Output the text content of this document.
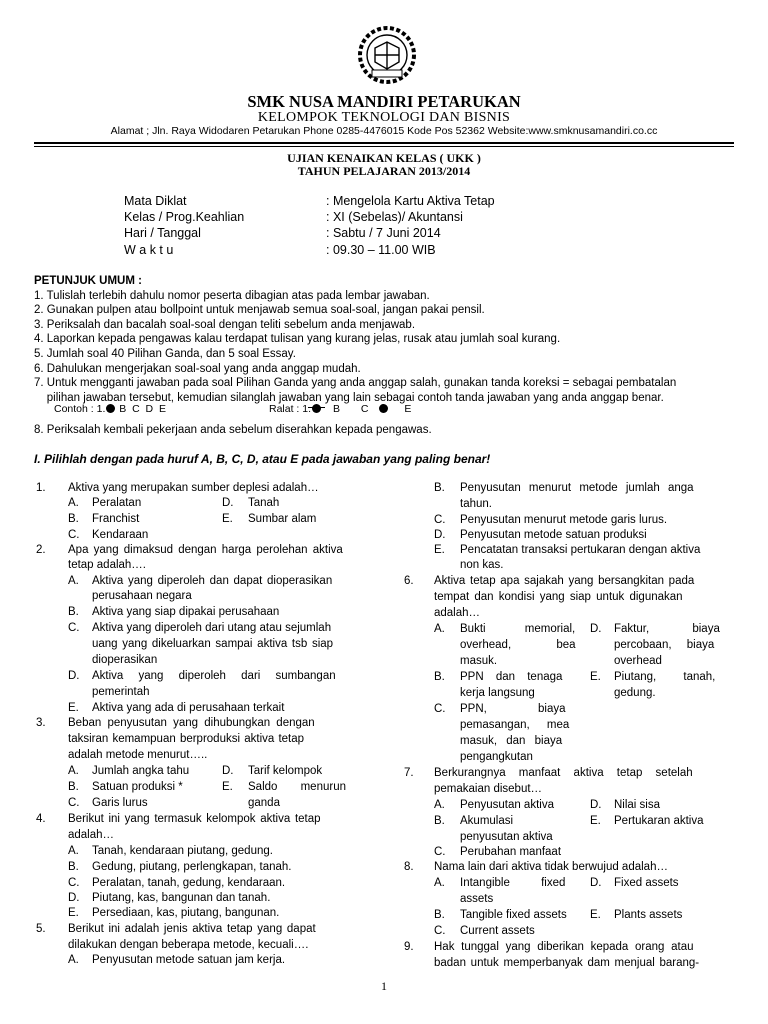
SMK NUSA MANDIRI PETARUKAN
KELOMPOK TEKNOLOGI DAN BISNIS
Alamat ; Jln. Raya Widodaren Petarukan Phone 0285-4476015 Kode Pos 52362 Website:www.smknusamandiri.co.cc
UJIAN KENAIKAN KELAS ( UKK )
TAHUN PELAJARAN 2013/2014
Mata Diklat	: Mengelola Kartu Aktiva Tetap
Kelas / Prog.Keahlian	: XI (Sebelas)/ Akuntansi
Hari / Tanggal	: Sabtu / 7 Juni 2014
W a k t u	: 09.30 – 11.00 WIB
PETUNJUK UMUM :
1. Tulislah terlebih dahulu nomor peserta dibagian atas pada lembar jawaban.
2. Gunakan pulpen atau bollpoint untuk menjawab semua soal-soal, jangan pakai pensil.
3. Periksalah dan bacalah soal-soal dengan teliti sebelum anda menjawab.
4. Laporkan kepada pengawas kalau terdapat tulisan yang kurang jelas, rusak atau jumlah soal kurang.
5. Jumlah soal 40 Pilihan Ganda, dan 5 soal Essay.
6. Dahulukan mengerjakan soal-soal yang anda anggap mudah.
7. Untuk mengganti jawaban pada soal Pilihan Ganda yang anda anggap salah, gunakan tanda koreksi = sebagai pembatalan
pilihan jawaban tersebut, kemudian silanglah jawaban yang lain sebagai contoh tanda jawaban yang anda anggap benar.
Contoh : 1. B  C  D  E	Ralat : 1. B C	E
8. Periksalah kembali pekerjaan anda sebelum diserahkan kepada pengawas.
I. Pilihlah dengan pada huruf A, B, C, D, atau E pada jawaban yang paling benar!
1. Aktiva yang merupakan sumber deplesi adalah…
A. Peralatan	D. Tanah
B. Franchist	E. Sumbar alam
C. Kendaraan
2. Apa yang dimaksud dengan harga perolehan aktiva
tetap adalah….
A. Aktiva yang diperoleh dan dapat dioperasikan
perusahaan negara
B. Aktiva yang siap dipakai perusahaan
C. Aktiva yang diperoleh dari utang atau sejumlah
uang yang dikeluarkan sampai aktiva tsb siap
dioperasikan
D. Aktiva yang diperoleh dari sumbangan
pemerintah
E. Aktiva yang ada di perusahaan terkait
3. Beban penyusutan yang dihubungkan dengan
taksiran kemampuan berproduksi aktiva tetap
adalah metode menurut…..
A. Jumlah angka tahu	D. Tarif kelompok
B. Satuan produksi *	E. Saldo menurun
C. Garis lurus	ganda
4. Berikut ini yang termasuk kelompok aktiva tetap
adalah…
A. Tanah, kendaraan piutang, gedung.
B. Gedung, piutang, perlengkapan, tanah.
C. Peralatan, tanah, gedung, kendaraan.
D. Piutang, kas, bangunan dan tanah.
E. Persediaan, kas, piutang, bangunan.
5. Berikut ini adalah jenis aktiva tetap yang dapat
dilakukan dengan beberapa metode, kecuali….
A. Penyusutan metode satuan jam kerja.
B. Penyusutan menurut metode jumlah anga
tahun.
C. Penyusutan menurut metode garis lurus.
D. Penyusutan metode satuan produksi
E. Pencatatan transaksi pertukaran dengan aktiva
non kas.
6. Aktiva tetap apa sajakah yang bersangkitan pada
tempat dan kondisi yang siap untuk digunakan
adalah…
A. Bukti memorial,
overhead, bea
masuk.
B. PPN dan tenaga
kerja langsung
C. PPN, biaya
pemasangan, mea
masuk, dan biaya
pengangkutan
D. Faktur, biaya
percobaan, biaya
overhead
E. Piutang, tanah,
gedung.
7. Berkurangnya manfaat aktiva tetap setelah
pemakaian disebut…
A. Penyusutan aktiva	D. Nilai sisa
B. Akumulasi	E. Pertukaran aktiva
penyusutan aktiva
C. Perubahan manfaat
8. Nama lain dari aktiva tidak berwujud adalah…
A. Intangible fixed
assets
D. Fixed assets
B. Tangible fixed assets E. Plants assets
C. Current assets
9. Hak tunggal yang diberikan kepada orang atau
badan untuk memperbanyak dam menjual barang-
1
